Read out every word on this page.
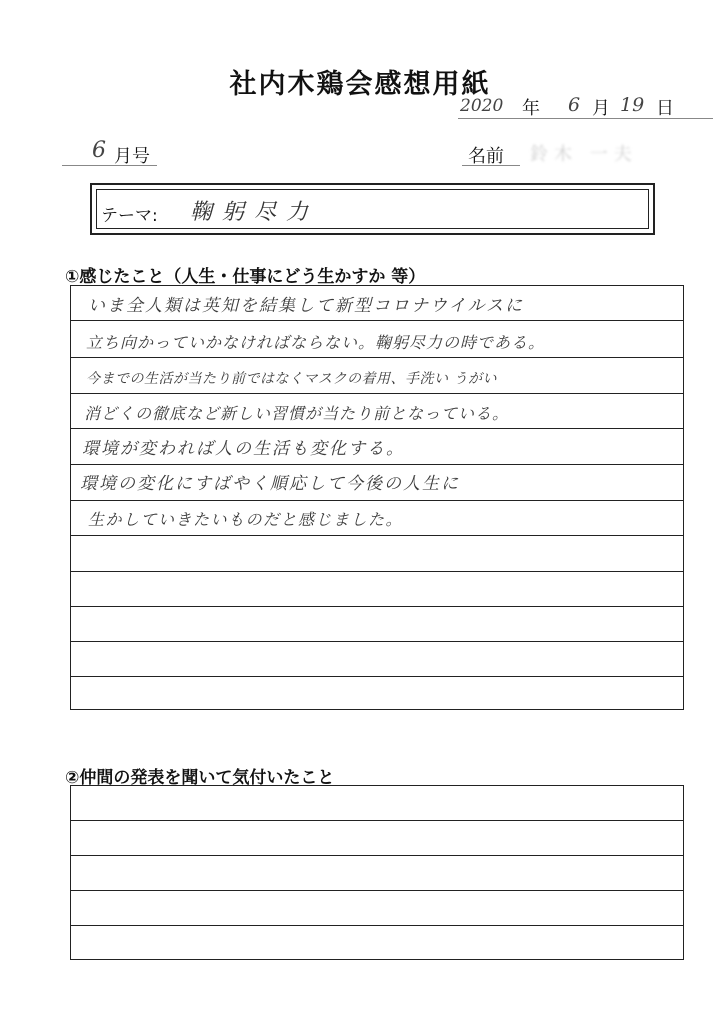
社内木鶏会感想用紙
2020 年 6 月 19 日
6 月号	名前 鈴木 一夫
テーマ: 鞠躬尽力
①感じたこと（人生・仕事にどう生かすか 等）
いま全人類は英知を結集して新型コロナウイルスに
立ち向かっていかなければならない。鞠躬尽力の時である。
今までの生活が当たり前ではなくマスクの着用、手洗い うがい
消どくの徹底など新しい習慣が当たり前となっている。
環境が変われば人の生活も変化する。
環境の変化にすばやく順応して今後の人生に
生かしていきたいものだと感じました。
②仲間の発表を聞いて気付いたこと
